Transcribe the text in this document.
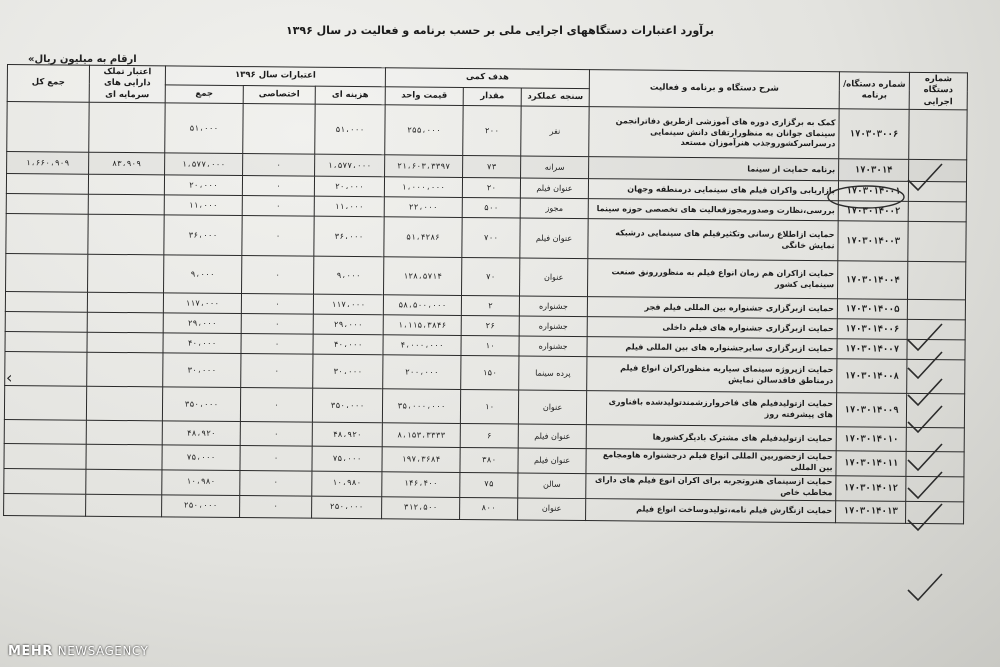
برآورد اعتبارات دستگاههای اجرایی ملی بر حسب برنامه و فعالیت در سال ۱۳۹۶
ارقام به میلیون ریال»
شماره دستگاه اجرایی	شماره دستگاه/ برنامه	شرح دستگاه و برنامه و فعالیت	هدف کمی			اعتبارات سال ۱۳۹۶			اعتبار تملک دارایی های سرمایه ای	جمع کل
			سنجه عملکرد	مقدار	قیمت واحد	هزینه ای	اختصاصی	جمع		
	۱۷۰۳۰۳۰۰۶	کمک به برگزاری دوره های آموزشی ازطریق دفاترانجمن سینمای جوانان به منظورارتقای دانش سینمایی درسراسرکشوروجذب هنرآموزان مستعد	نفر	۲۰۰	۲۵۵،۰۰۰	۵۱،۰۰۰		۵۱،۰۰۰		
	۱۷۰۳۰۱۴	برنامه حمایت از سینما	سرانه	۷۳	۲۱،۶۰۳،۳۳۹۷	۱،۵۷۷،۰۰۰	۰	۱،۵۷۷،۰۰۰	۸۳،۹۰۹	۱،۶۶۰،۹۰۹
	۱۷۰۳۰۱۴۰۰۱	بازاریابی واکران فیلم های سینمایی درمنطقه وجهان	عنوان فیلم	۲۰	۱،۰۰۰،۰۰۰	۲۰،۰۰۰	۰	۲۰،۰۰۰		
	۱۷۰۳۰۱۴۰۰۲	بررسی،نظارت وصدورمجوزفعالیت های تخصصی حوزه سینما	مجوز	۵۰۰	۲۲،۰۰۰	۱۱،۰۰۰	۰	۱۱،۰۰۰		
	۱۷۰۳۰۱۴۰۰۳	حمایت ازاطلاع رسانی وتکثیرفیلم های سینمایی درشبکه نمایش خانگی	عنوان فیلم	۷۰۰	۵۱،۴۲۸۶	۳۶،۰۰۰	۰	۳۶،۰۰۰		
	۱۷۰۳۰۱۴۰۰۴	حمایت ازاکران هم زمان انواع فیلم به منظوررونق صنعت سینمایی کشور	عنوان	۷۰	۱۲۸،۵۷۱۴	۹،۰۰۰	۰	۹،۰۰۰		
	۱۷۰۳۰۱۴۰۰۵	حمایت ازبرگزاری جشنواره بین المللی فیلم فجر	جشنواره	۲	۵۸،۵۰۰،۰۰۰	۱۱۷،۰۰۰	۰	۱۱۷،۰۰۰		
	۱۷۰۳۰۱۴۰۰۶	حمایت ازبرگزاری جشنواره های فیلم داخلی	جشنواره	۲۶	۱،۱۱۵،۳۸۴۶	۲۹،۰۰۰	۰	۲۹،۰۰۰		
	۱۷۰۳۰۱۴۰۰۷	حمایت ازبرگزاری سایرجشنواره های بین المللی فیلم	جشنواره	۱۰	۴،۰۰۰،۰۰۰	۴۰،۰۰۰	۰	۴۰،۰۰۰		
	۱۷۰۳۰۱۴۰۰۸	حمایت ازپروژه سینمای سیاربه منظوراکران انواع فیلم درمناطق فاقدسالن نمایش	پرده سینما	۱۵۰	۲۰۰،۰۰۰	۳۰،۰۰۰	۰	۳۰،۰۰۰		
	۱۷۰۳۰۱۴۰۰۹	حمایت ازتولیدفیلم های فاخروارزشمندتولیدشده بافناوری های پیشرفته روز	عنوان	۱۰	۳۵،۰۰۰،۰۰۰	۳۵۰،۰۰۰	۰	۳۵۰،۰۰۰		
	۱۷۰۳۰۱۴۰۱۰	حمایت ازتولیدفیلم های مشترک بادیگرکشورها	عنوان فیلم	۶	۸،۱۵۳،۳۳۳۳	۴۸،۹۲۰	۰	۴۸،۹۲۰		
	۱۷۰۳۰۱۴۰۱۱	حمایت ازحضوربین المللی انواع فیلم درجشنواره هاومجامع بین المللی	عنوان فیلم	۳۸۰	۱۹۷،۳۶۸۴	۷۵،۰۰۰	۰	۷۵،۰۰۰		
	۱۷۰۳۰۱۴۰۱۲	حمایت ازسینمای هنروتجربه برای اکران انوع فیلم های دارای مخاطب خاص	سالن	۷۵	۱۴۶،۴۰۰	۱۰،۹۸۰	۰	۱۰،۹۸۰		
	۱۷۰۳۰۱۴۰۱۳	حمایت ازنگارش فیلم نامه،تولیدوساخت انواع فیلم	عنوان	۸۰۰	۳۱۲،۵۰۰	۲۵۰،۰۰۰	۰	۲۵۰،۰۰۰		
‹
MEHR NEWSAGENCY
